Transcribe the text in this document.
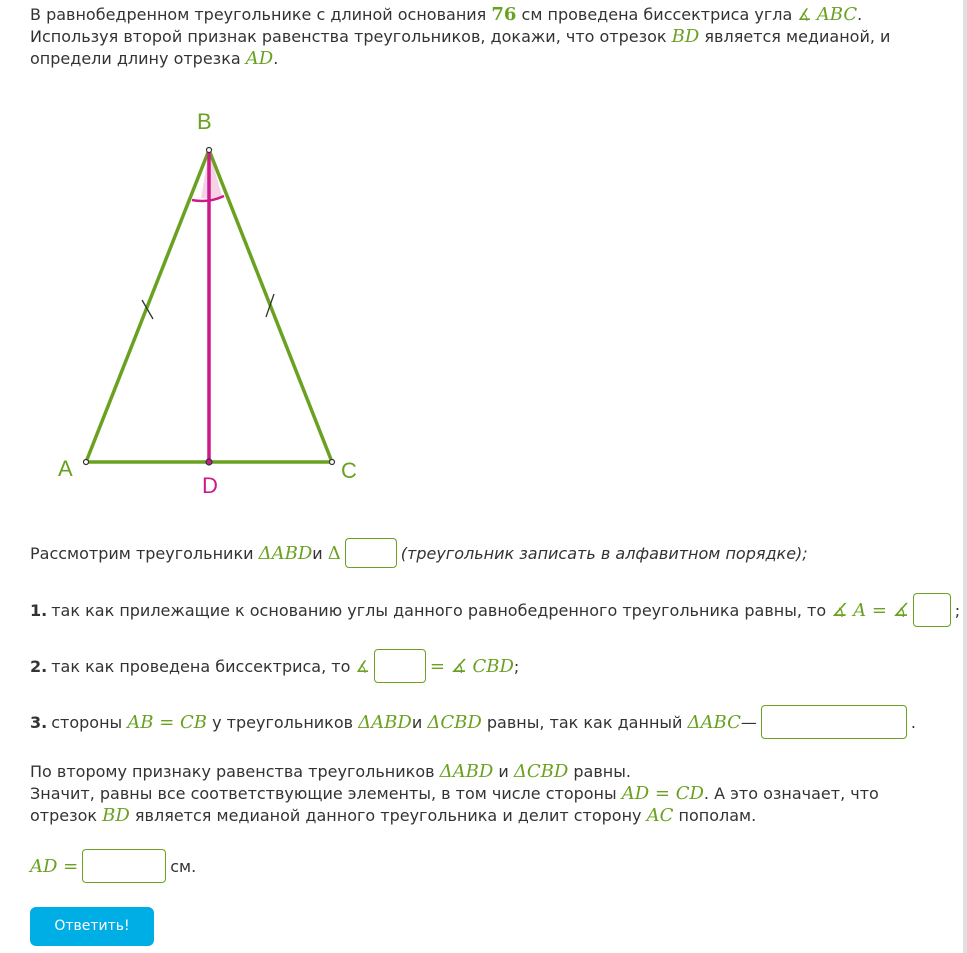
В равнобедренном треугольнике с длиной основания 76 см проведена биссектриса угла ∡ ABC. Используя второй признак равенства треугольников, докажи, что отрезок BD является медианой, и определи длину отрезка AD.
B
A	C
D
Рассмотрим треугольники
ΔABD и
Δ	(треугольник записать в алфавитном порядке);
1. так как прилежащие к основанию углы данного равнобедренного треугольника равны, то
∡ A = ∡	;
2. так как проведена биссектриса, то
∡	= ∡ CBD ;
3. стороны
AB = CB
у треугольников
ΔABD и
ΔCBD
равны, так как данный
ΔABC —	.
По второму признаку равенства треугольников ΔABD и ΔCBD равны.
Значит, равны все соответствующие элементы, в том числе стороны AD = CD. А это означает, что отрезок BD является медианой данного треугольника и делит сторону AC пополам.
AD =	см.
Ответить!
